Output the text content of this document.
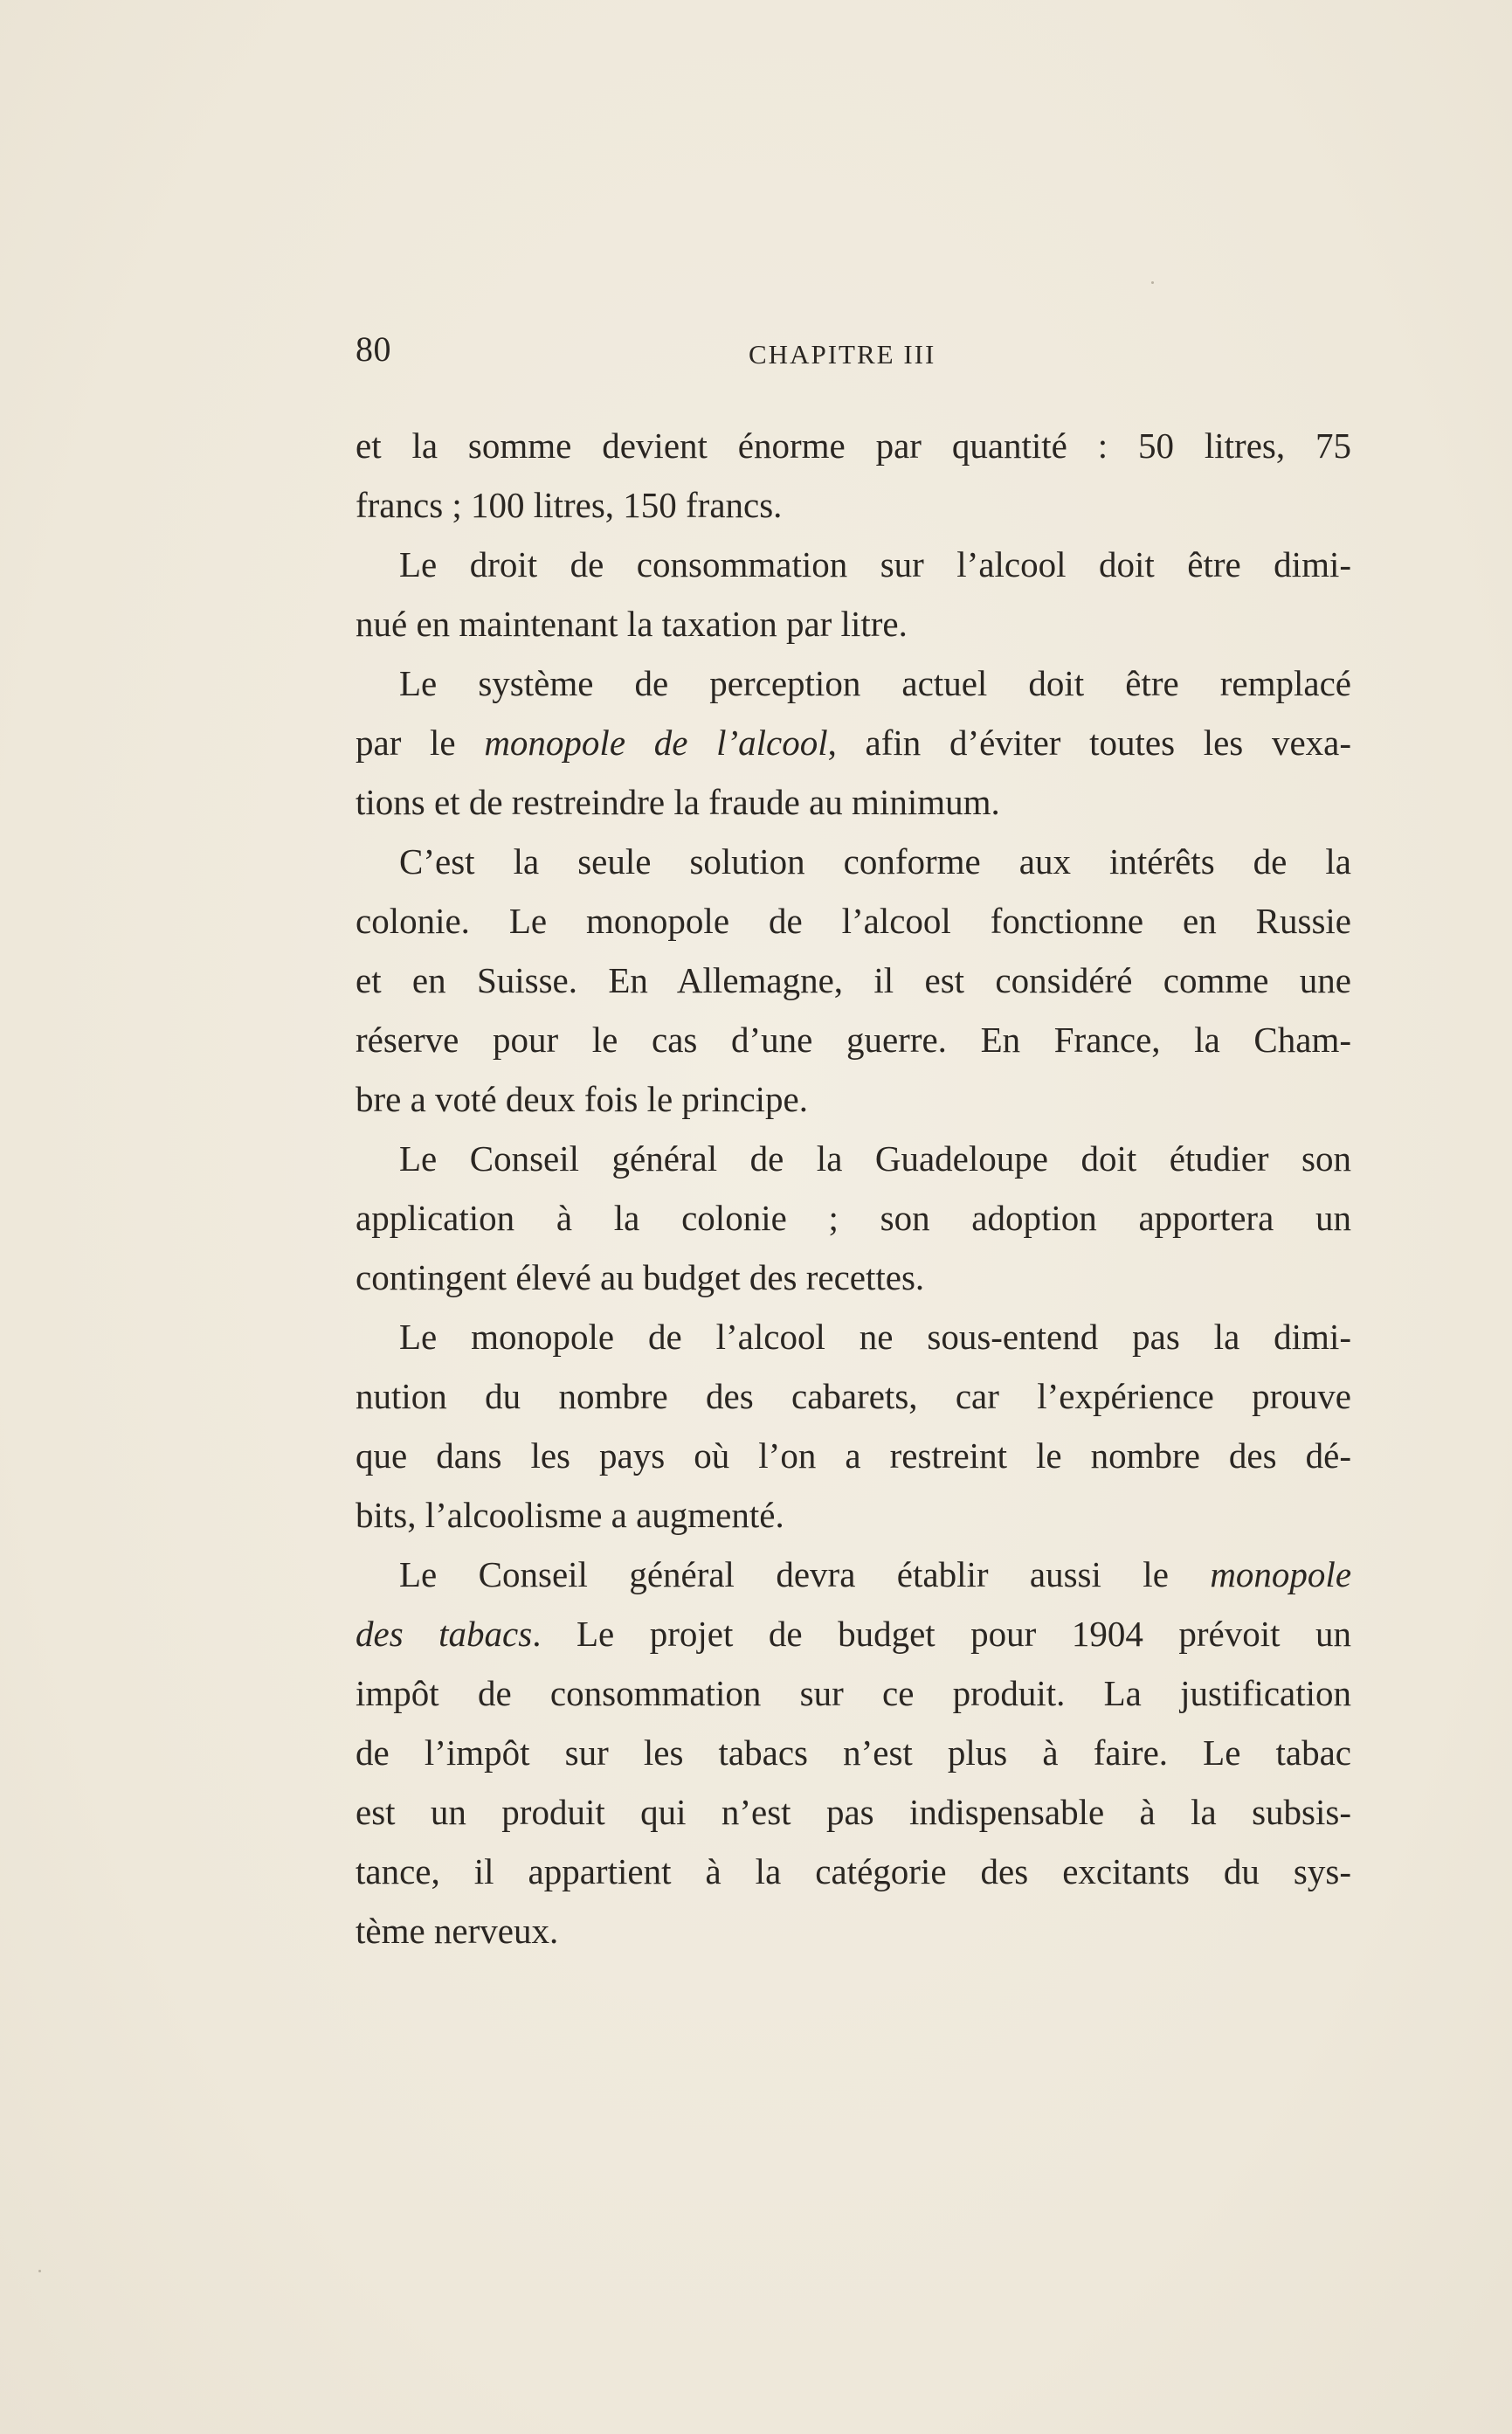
80	CHAPITRE III
et la somme devient énorme par quantité : 50 litres, 75
francs ; 100 litres, 150 francs.
Le droit de consommation sur l’alcool doit être dimi-
nué en maintenant la taxation par litre.
Le système de perception actuel doit être remplacé
par le monopole de l’alcool, afin d’éviter toutes les vexa-
tions et de restreindre la fraude au minimum.
C’est la seule solution conforme aux intérêts de la
colonie. Le monopole de l’alcool fonctionne en Russie
et en Suisse. En Allemagne, il est considéré comme une
réserve pour le cas d’une guerre. En France, la Cham-
bre a voté deux fois le principe.
Le Conseil général de la Guadeloupe doit étudier son
application à la colonie ; son adoption apportera un
contingent élevé au budget des recettes.
Le monopole de l’alcool ne sous-entend pas la dimi-
nution du nombre des cabarets, car l’expérience prouve
que dans les pays où l’on a restreint le nombre des dé-
bits, l’alcoolisme a augmenté.
Le Conseil général devra établir aussi le monopole
des tabacs. Le projet de budget pour 1904 prévoit un
impôt de consommation sur ce produit. La justification
de l’impôt sur les tabacs n’est plus à faire. Le tabac
est un produit qui n’est pas indispensable à la subsis-
tance, il appartient à la catégorie des excitants du sys-
tème nerveux.
